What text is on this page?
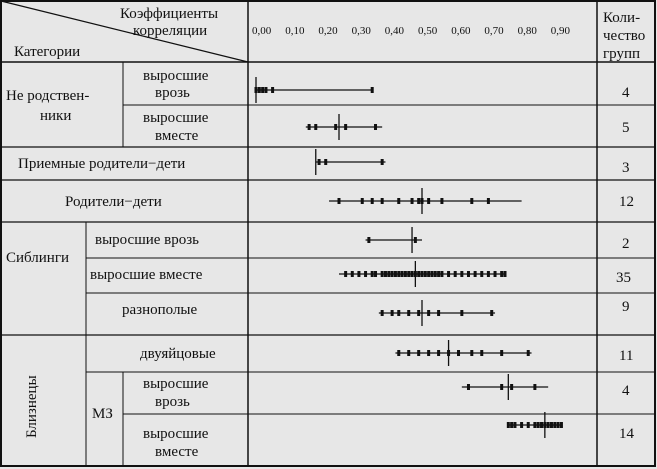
Категории
Коэффициенты
корреляции
Коли-
чество
групп
0,00 0,10 0,20 0,30 0,40 0,50 0,60 0,70 0,80 0,90
Не родствен-
ники
Сиблинги
Близнецы	МЗ
выросшие
врозь
выросшие
вместе
Приемные родители−дети
Родители−дети
выросшие врозь
выросшие вместе
разнополые
двуяйцовые
выросшие
врозь
выросшие
вместе
4
5
3
12
2
35
9
11
4
14
